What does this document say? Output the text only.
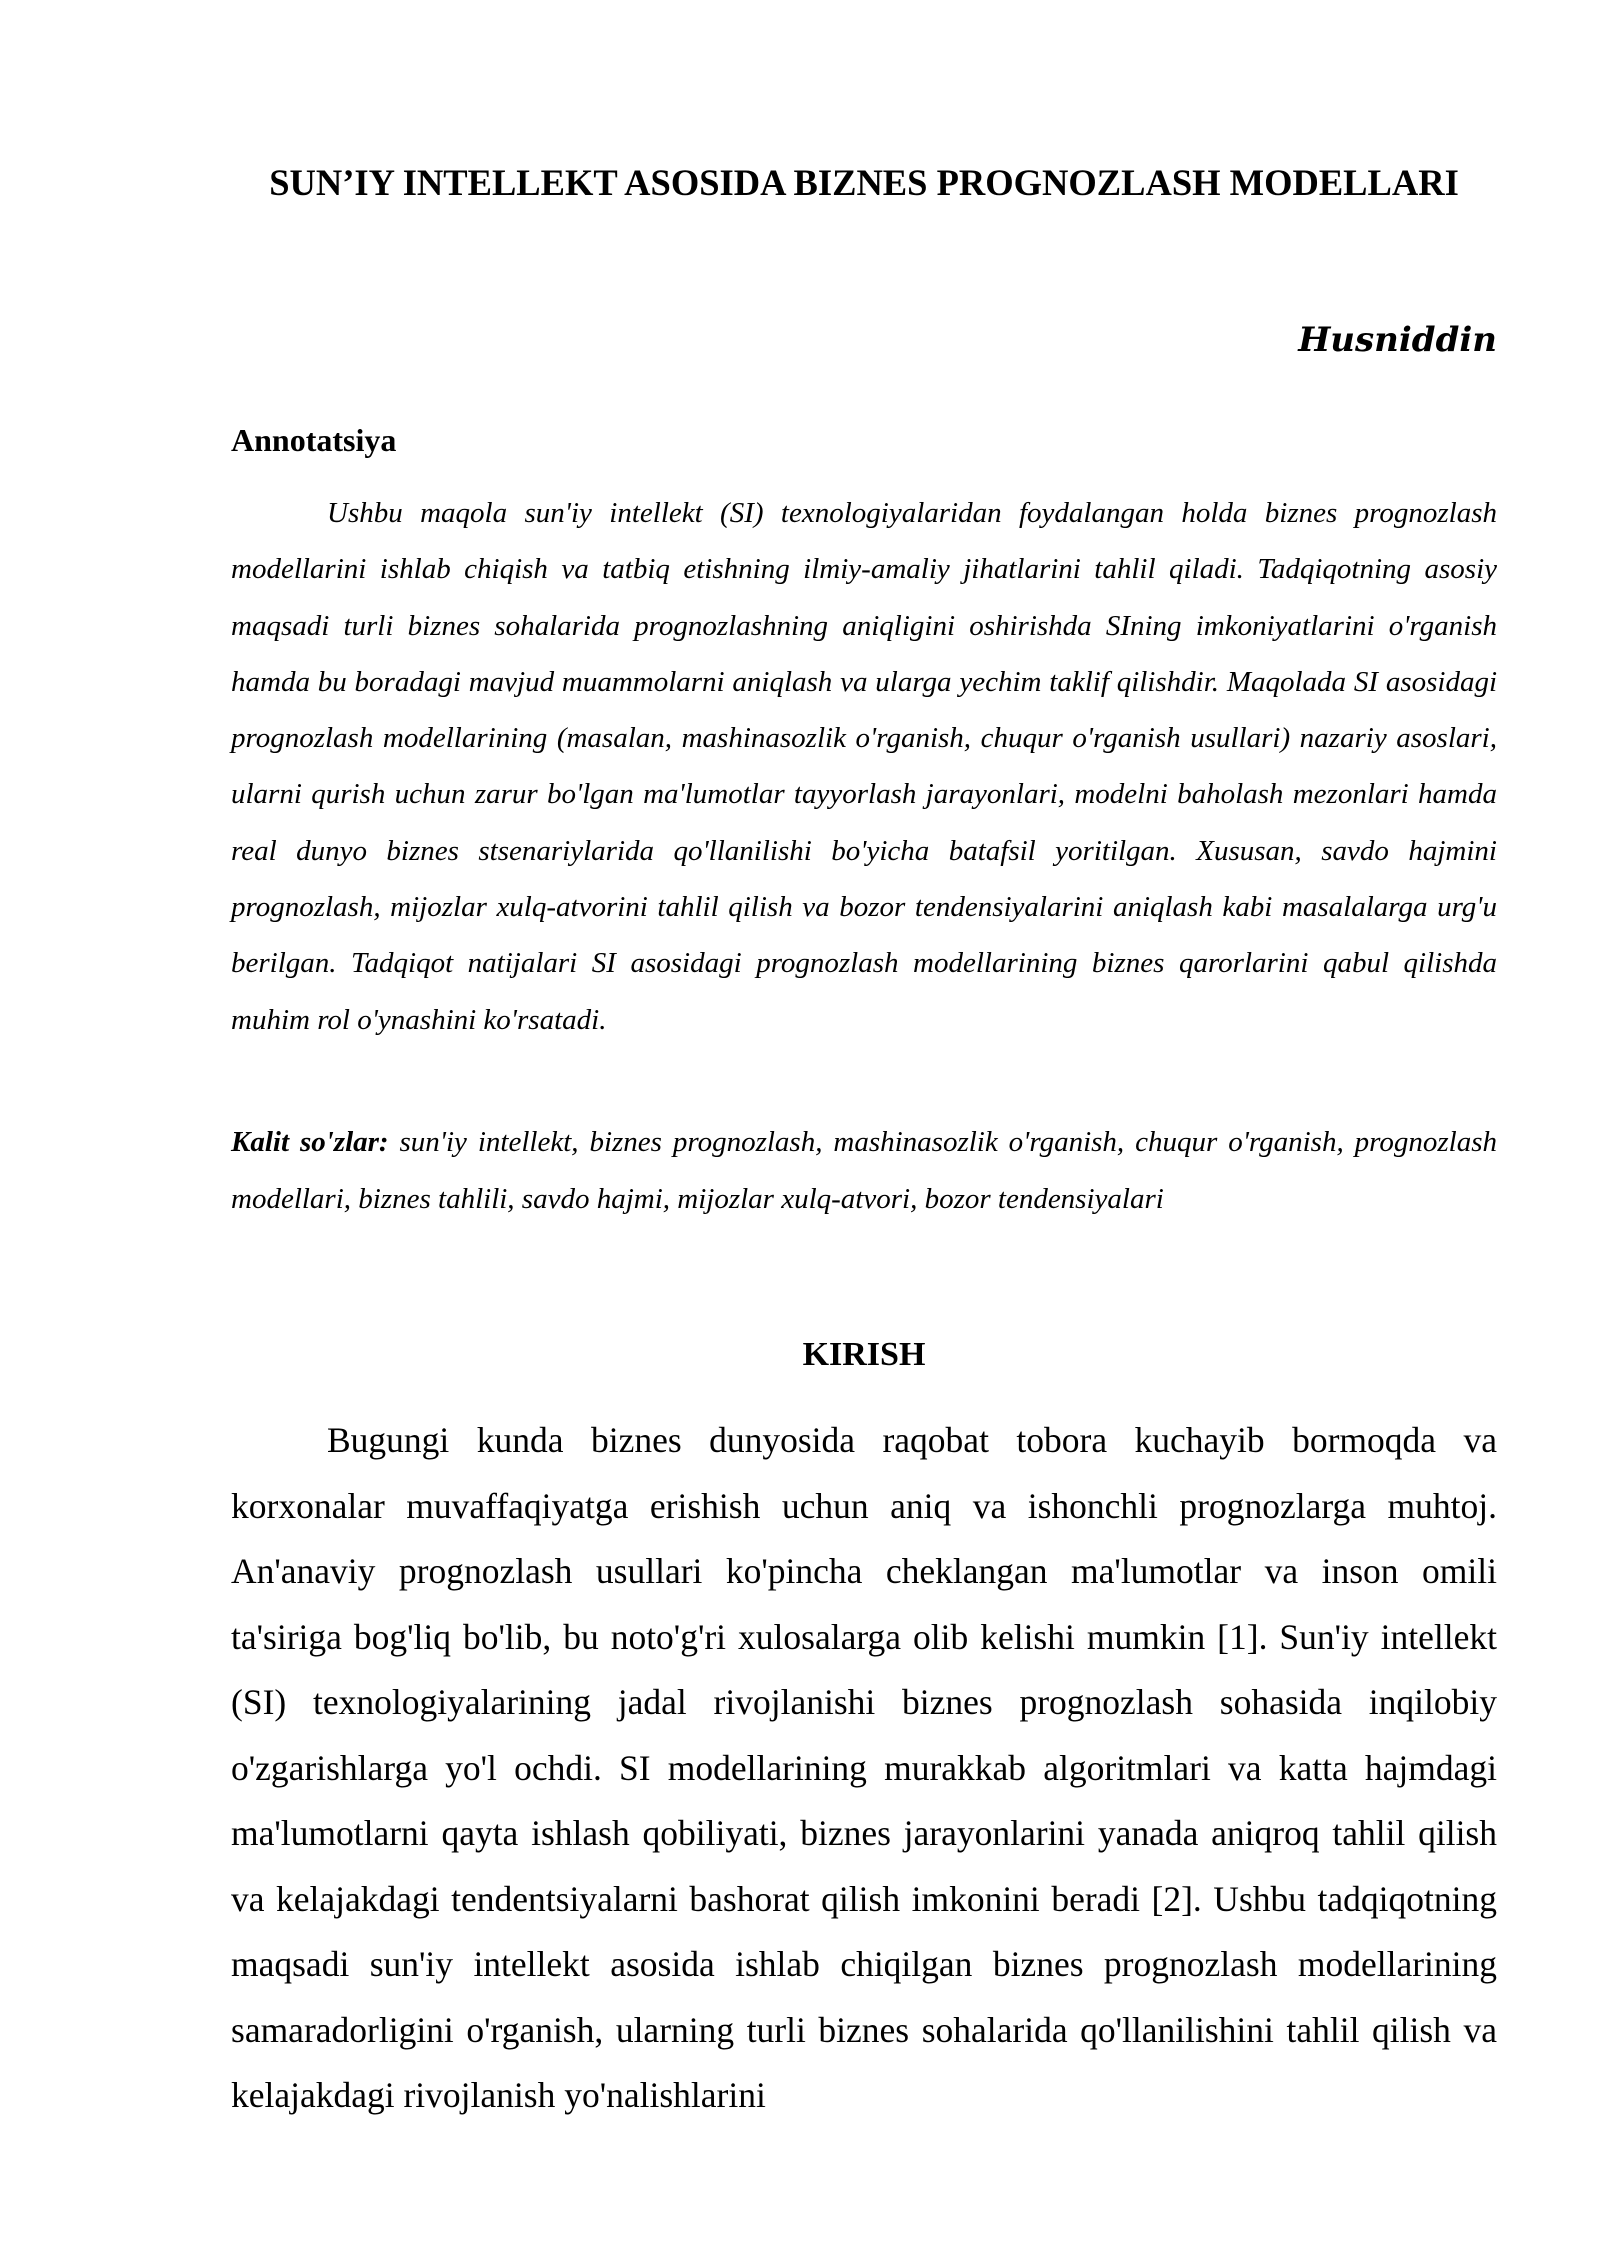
SUN’IY INTELLEKT ASOSIDA BIZNES PROGNOZLASH MODELLARI

Husniddin

Annotatsiya

Ushbu maqola sun'iy intellekt (SI) texnologiyalaridan foydalangan holda biznes prognozlash modellarini ishlab chiqish va tatbiq etishning ilmiy-amaliy jihatlarini tahlil qiladi. Tadqiqotning asosiy maqsadi turli biznes sohalarida prognozlashning aniqligini oshirishda SIning imkoniyatlarini o'rganish hamda bu boradagi mavjud muammolarni aniqlash va ularga yechim taklif qilishdir. Maqolada SI asosidagi prognozlash modellarining (masalan, mashinasozlik o'rganish, chuqur o'rganish usullari) nazariy asoslari, ularni qurish uchun zarur bo'lgan ma'lumotlar tayyorlash jarayonlari, modelni baholash mezonlari hamda real dunyo biznes stsenariylarida qo'llanilishi bo'yicha batafsil yoritilgan. Xususan, savdo hajmini prognozlash, mijozlar xulq-atvorini tahlil qilish va bozor tendensiyalarini aniqlash kabi masalalarga urg'u berilgan. Tadqiqot natijalari SI asosidagi prognozlash modellarining biznes qarorlarini qabul qilishda muhim rol o'ynashini ko'rsatadi.

Kalit so'zlar: sun'iy intellekt, biznes prognozlash, mashinasozlik o'rganish, chuqur o'rganish, prognozlash modellari, biznes tahlili, savdo hajmi, mijozlar xulq-atvori, bozor tendensiyalari

KIRISH

Bugungi kunda biznes dunyosida raqobat tobora kuchayib bormoqda va korxonalar muvaffaqiyatga erishish uchun aniq va ishonchli prognozlarga muhtoj. An'anaviy prognozlash usullari ko'pincha cheklangan ma'lumotlar va inson omili ta'siriga bog'liq bo'lib, bu noto'g'ri xulosalarga olib kelishi mumkin [1]. Sun'iy intellekt (SI) texnologiyalarining jadal rivojlanishi biznes prognozlash sohasida inqilobiy o'zgarishlarga yo'l ochdi. SI modellarining murakkab algoritmlari va katta hajmdagi ma'lumotlarni qayta ishlash qobiliyati, biznes jarayonlarini yanada aniqroq tahlil qilish va kelajakdagi tendentsiyalarni bashorat qilish imkonini beradi [2]. Ushbu tadqiqotning maqsadi sun'iy intellekt asosida ishlab chiqilgan biznes prognozlash modellarining samaradorligini o'rganish, ularning turli biznes sohalarida qo'llanilishini tahlil qilish va kelajakdagi rivojlanish yo'nalishlarini
